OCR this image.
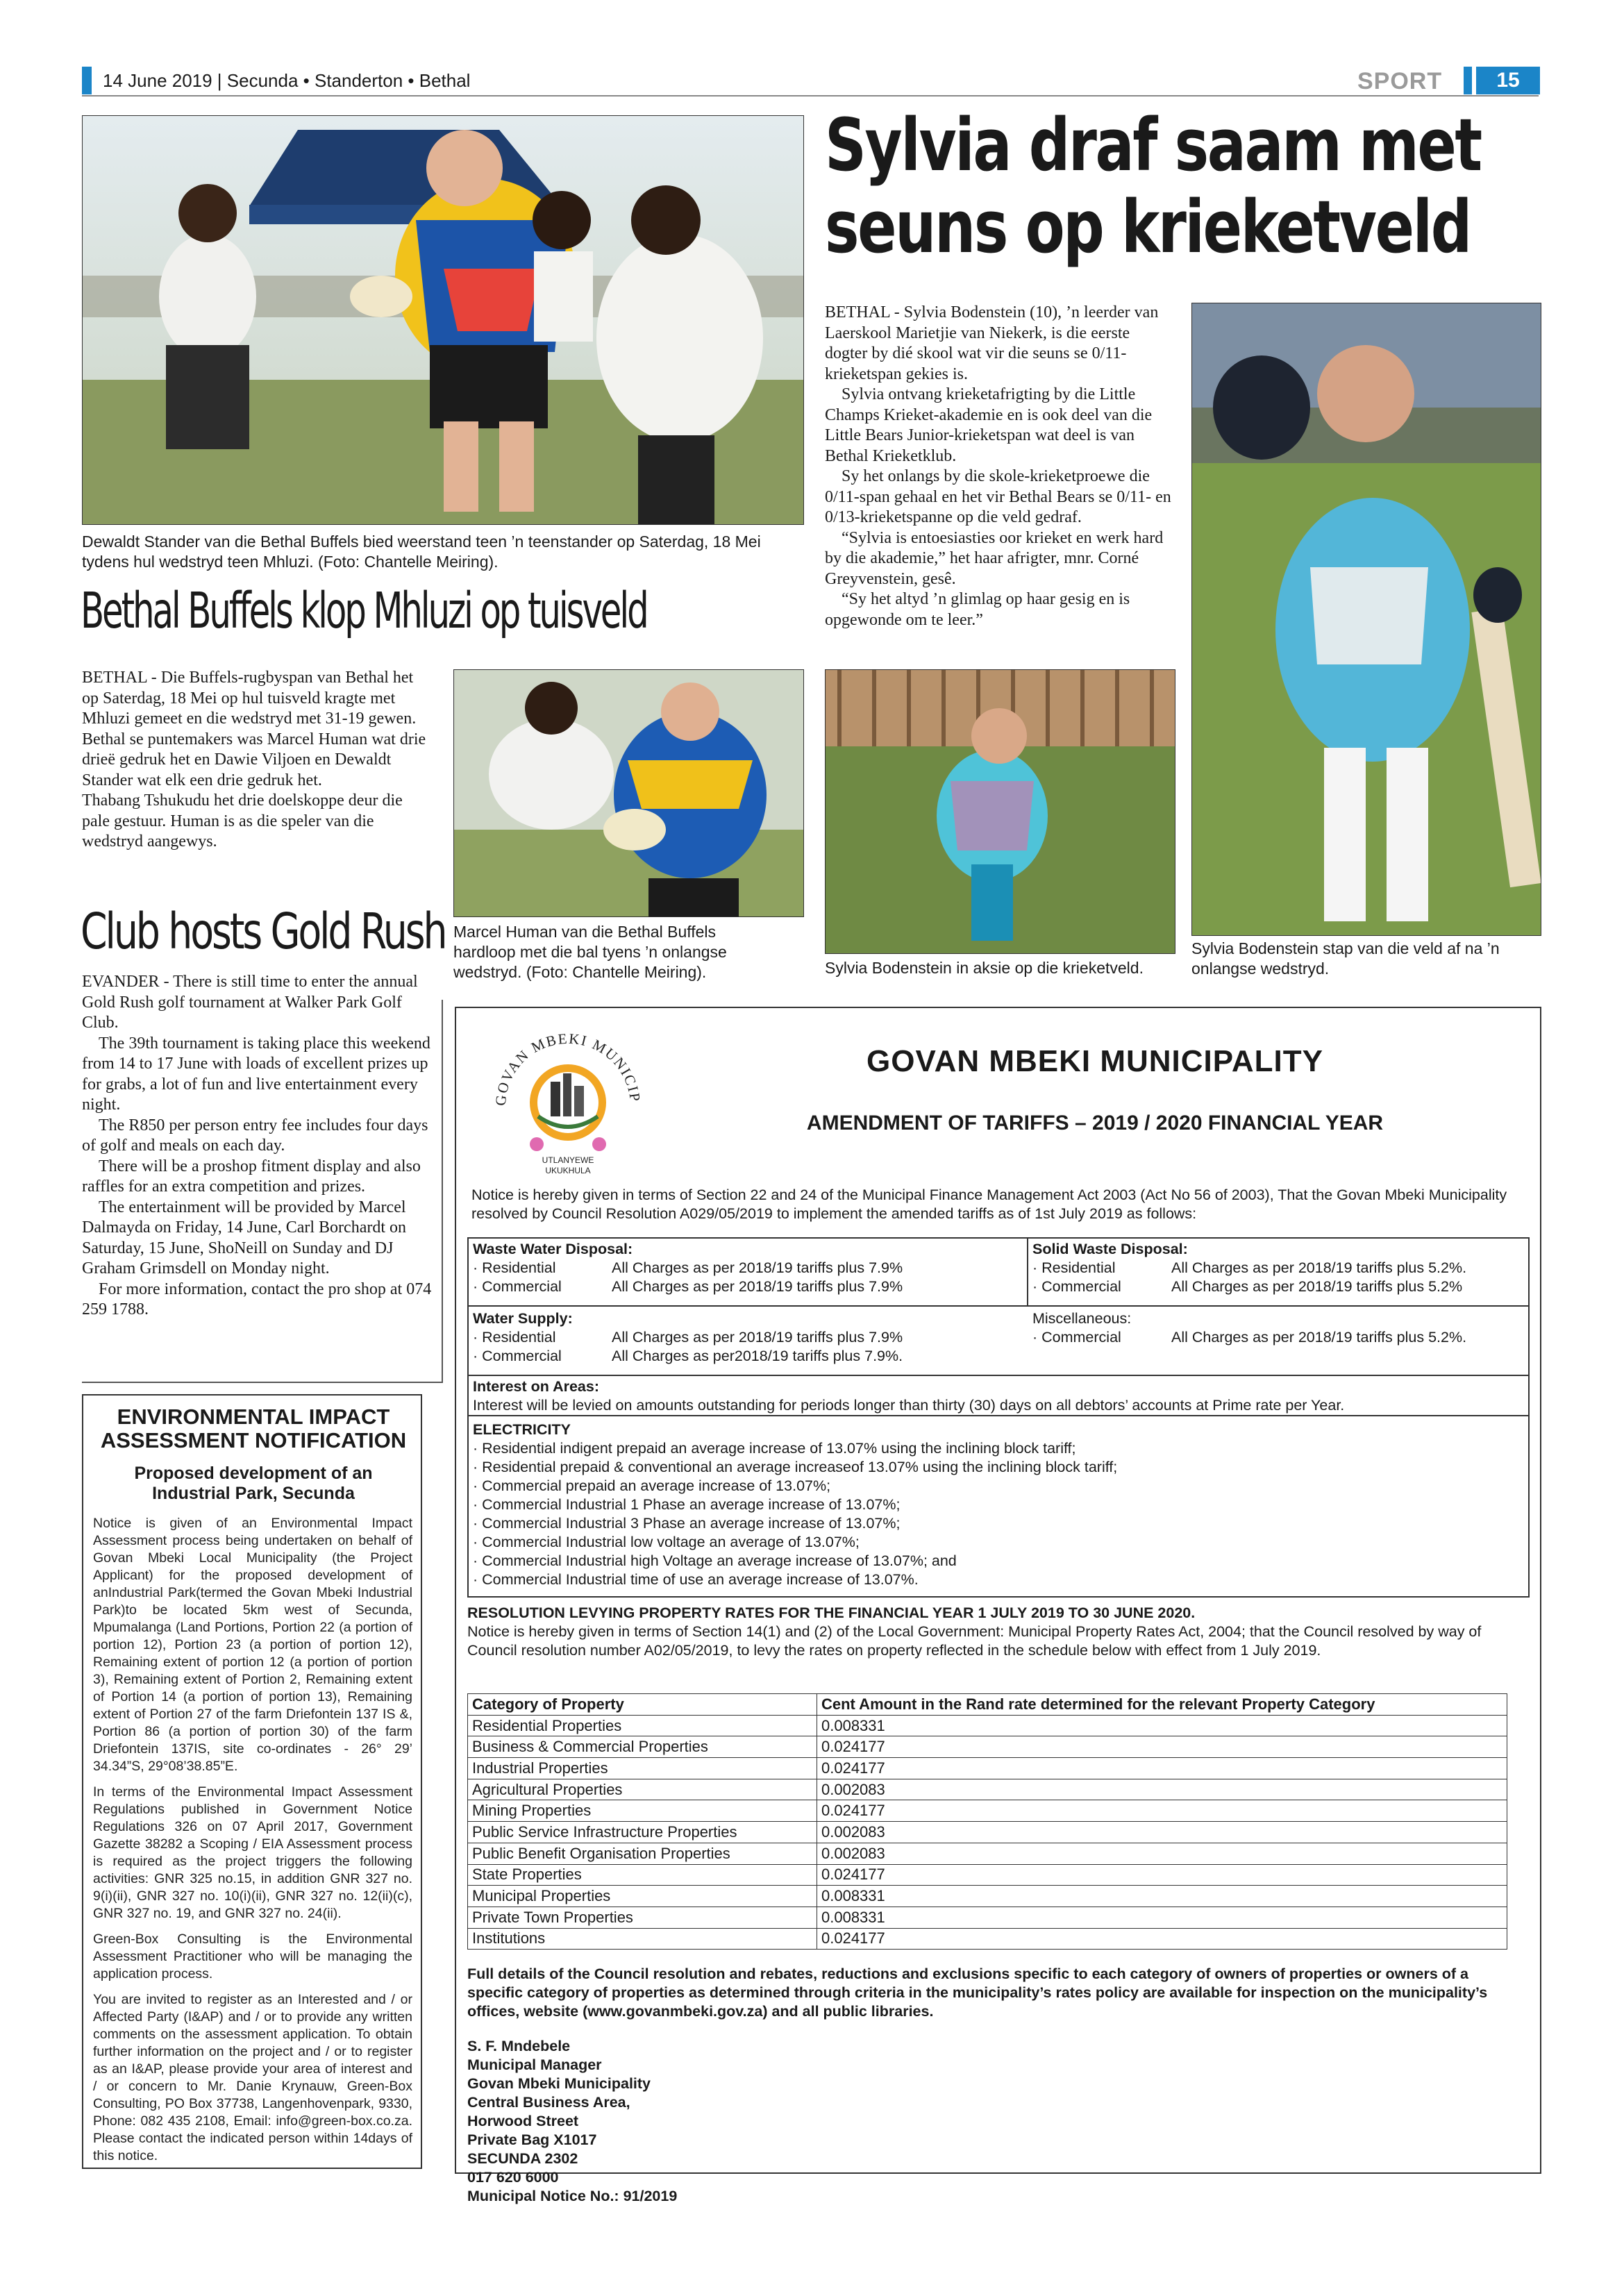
14 June 2019 | Secunda • Standerton • Bethal	SPORT	15
Dewaldt Stander van die Bethal Buffels bied weerstand teen ’n teenstander op Saterdag, 18 Mei tydens hul wedstryd teen Mhluzi. (Foto: Chantelle Meiring).
Bethal Buffels klop Mhluzi op tuisveld

BETHAL - Die Buffels-rugbyspan van Bethal het op Saterdag, 18 Mei op hul tuisveld kragte met Mhluzi gemeet en die wedstryd met 31-19 gewen.

Bethal se puntemakers was Marcel Human wat drie drieë gedruk het en Dawie Viljoen en Dewaldt Stander wat elk een drie gedruk het.

Thabang Tshukudu het drie doelskoppe deur die pale gestuur. Human is as die speler van die wedstryd aangewys.

Marcel Human van die Bethal Buffels hardloop met die bal tyens ’n onlangse wedstryd. (Foto: Chantelle Meiring).
Club hosts Gold Rush

EVANDER - There is still time to enter the annual Gold Rush golf tournament at Walker Park Golf Club.

The 39th tournament is taking place this weekend from 14 to 17 June with loads of excellent prizes up for grabs, a lot of fun and live entertainment every night.

The R850 per person entry fee includes four days of golf and meals on each day.

There will be a proshop fitment display and also raffles for an extra competition and prizes.

The entertainment will be provided by Marcel Dalmayda on Friday, 14 June, Carl Borchardt on Saturday, 15 June, ShoNeill on Sunday and DJ Graham Grimsdell on Monday night.

For more information, contact the pro shop at 074 259 1788.

Sylvia draf saam met
seuns op krieketveld

BETHAL - Sylvia Bodenstein (10), ’n leerder van Laerskool Marietjie van Niekerk, is die eerste dogter by dié skool wat vir die seuns se 0/11-krieketspan gekies is.

Sylvia ontvang krieketafrigting by die Little Champs Krieket-akademie en is ook deel van die Little Bears Junior-krieketspan wat deel is van Bethal Krieketklub.

Sy het onlangs by die skole-krieketproewe die 0/11-span gehaal en het vir Bethal Bears se 0/11- en 0/13-krieketspanne op die veld gedraf.

“Sylvia is entoesiasties oor krieket en werk hard by die akademie,” het haar afrigter, mnr. Corné Greyvenstein, gesê.

“Sy het altyd ’n glimlag op haar gesig en is opgewonde om te leer.”

Sylvia Bodenstein in aksie op die krieketveld.
Sylvia Bodenstein stap van die veld af na ’n onlangse wedstryd.
ENVIRONMENTAL IMPACT ASSESSMENT NOTIFICATION
Proposed development of an Industrial Park, Secunda

Notice is given of an Environmental Impact Assessment process being undertaken on behalf of Govan Mbeki Local Municipality (the Project Applicant) for the proposed development of anIndustrial Park(termed the Govan Mbeki Industrial Park)to be located 5km west of Secunda, Mpumalanga (Land Portions, Portion 22 (a portion of portion 12), Portion 23 (a portion of portion 12), Remaining extent of portion 12 (a portion of portion 3), Remaining extent of Portion 2, Remaining extent of Portion 14 (a portion of portion 13), Remaining extent of Portion 27 of the farm Driefontein 137 IS &, Portion 86 (a portion of portion 30) of the farm Driefontein 137IS, site co-ordinates - 26° 29’ 34.34”S, 29°08’38.85”E.

In terms of the Environmental Impact Assessment Regulations published in Government Notice Regulations 326 on 07 April 2017, Government Gazette 38282 a Scoping / EIA Assessment process is required as the project triggers the following activities: GNR 325 no.15, in addition GNR 327 no. 9(i)(ii), GNR 327 no. 10(i)(ii), GNR 327 no. 12(ii)(c), GNR 327 no. 19, and GNR 327 no. 24(ii).

Green-Box Consulting is the Environmental Assessment Practitioner who will be managing the application process.

You are invited to register as an Interested and / or Affected Party (I&AP) and / or to provide any written comments on the assessment application. To obtain further information on the project and / or to register as an I&AP, please provide your area of interest and / or concern to Mr. Danie Krynauw, Green-Box Consulting, PO Box 37738, Langenhovenpark, 9330, Phone: 082 435 2108, Email: info@green-box.co.za. Please contact the indicated person within 14days of this notice.

GOVAN MBEKI MUNICIP
UTLANYEWE
UKUKHULA
GOVAN MBEKI MUNICIPALITY
AMENDMENT OF TARIFFS – 2019 / 2020 FINANCIAL YEAR
Notice is hereby given in terms of Section 22 and 24 of the Municipal Finance Management Act 2003 (Act No 56 of 2003), That the Govan Mbeki Municipality resolved by Council Resolution A029/05/2019 to implement the amended tariffs as of 1st July 2019 as follows:
Waste Water Disposal:
· Residential	All Charges as per 2018/19 tariffs plus 7.9%
· Commercial	All Charges as per 2018/19 tariffs plus 7.9%
Solid Waste Disposal:
· Residential	All Charges as per 2018/19 tariffs plus 5.2%.
· Commercial	All Charges as per 2018/19 tariffs plus 5.2%
Water Supply:
· Residential	All Charges as per 2018/19 tariffs plus 7.9%
· Commercial	All Charges as per2018/19 tariffs plus 7.9%.
Miscellaneous:
· Commercial	All Charges as per 2018/19 tariffs plus 5.2%.
Interest on Areas:
Interest will be levied on amounts outstanding for periods longer than thirty (30) days on all debtors’ accounts at Prime rate per Year.
ELECTRICITY
· Residential indigent prepaid an average increase of 13.07% using the inclining block tariff;
· Residential prepaid & conventional an average increaseof 13.07% using the inclining block tariff;
· Commercial prepaid an average increase of 13.07%;
· Commercial Industrial 1 Phase an average increase of 13.07%;
· Commercial Industrial 3 Phase an average increase of 13.07%;
· Commercial Industrial low voltage an average of 13.07%;
· Commercial Industrial high Voltage an average increase of 13.07%; and
· Commercial Industrial time of use an average increase of 13.07%.
RESOLUTION LEVYING PROPERTY RATES FOR THE FINANCIAL YEAR 1 JULY 2019 TO 30 JUNE 2020.
Notice is hereby given in terms of Section 14(1) and (2) of the Local Government: Municipal Property Rates Act, 2004; that the Council resolved by way of Council resolution number A02/05/2019, to levy the rates on property reflected in the schedule below with effect from 1 July 2019.
Category of Property	Cent Amount in the Rand rate determined for the relevant Property Category
Residential Properties	0.008331
Business & Commercial Properties	0.024177
Industrial Properties	0.024177
Agricultural Properties	0.002083
Mining Properties	0.024177
Public Service Infrastructure Properties	0.002083
Public Benefit Organisation Properties	0.002083
State Properties	0.024177
Municipal Properties	0.008331
Private Town Properties	0.008331
Institutions	0.024177
Full details of the Council resolution and rebates, reductions and exclusions specific to each category of owners of properties or owners of a specific category of properties as determined through criteria in the municipality’s rates policy are available for inspection on the municipality’s offices, website (www.govanmbeki.gov.za) and all public libraries.
S. F. Mndebele
Municipal Manager
Govan Mbeki Municipality
Central Business Area,
Horwood Street
Private Bag X1017
SECUNDA 2302
017 620 6000
Municipal Notice No.: 91/2019
